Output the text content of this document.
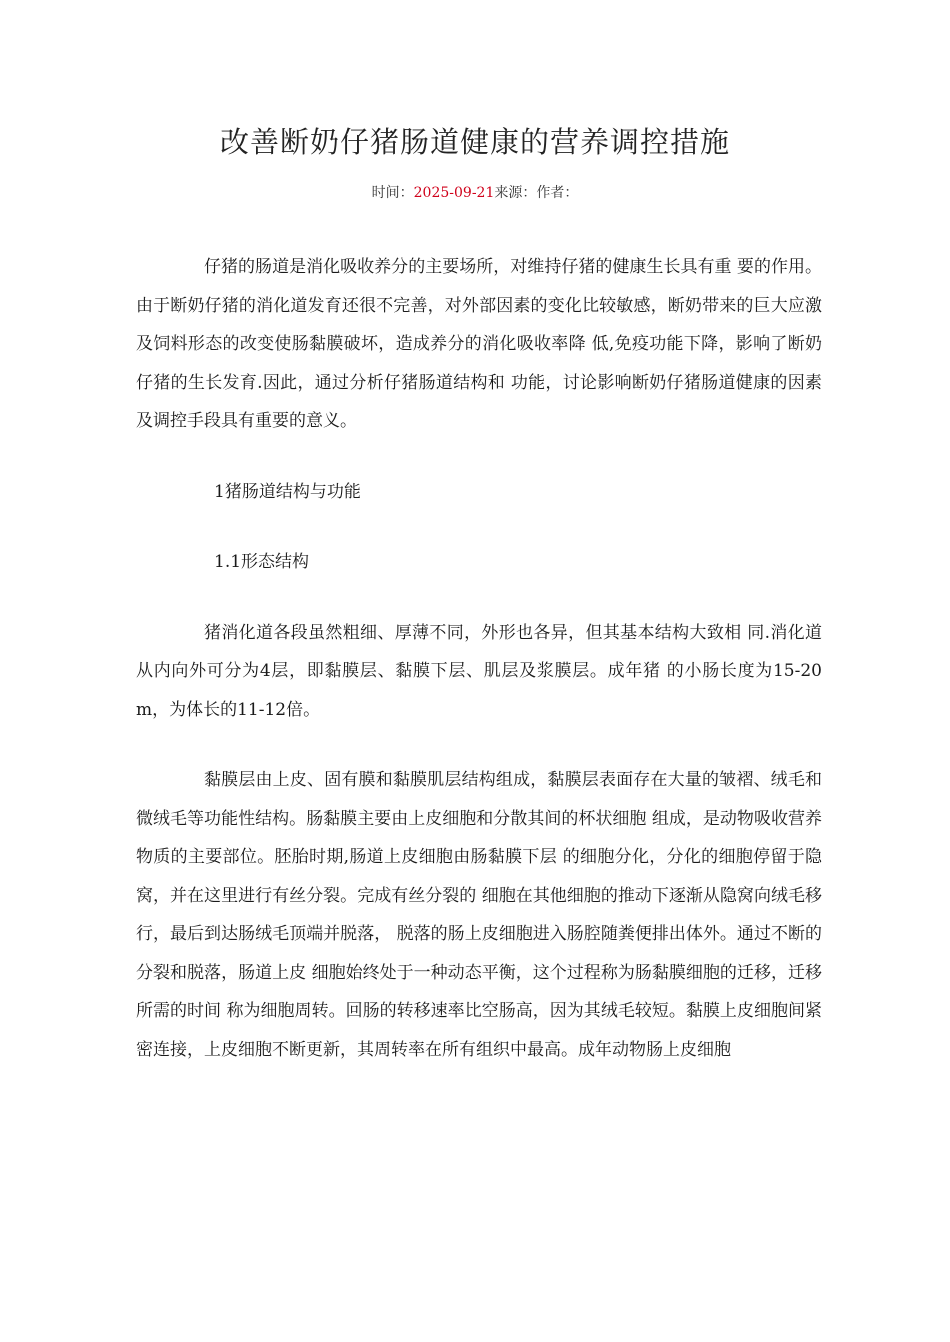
改善断奶仔猪肠道健康的营养调控措施
时间：2025-09-21来源：作者：

仔猪的肠道是消化吸收养分的主要场所，对维持仔猪的健康生长具有重 要的作用。由于断奶仔猪的消化道发育还很不完善，对外部因素的变化比较敏感，断奶带来的巨大应激及饲料形态的改变使肠黏膜破坏，造成养分的消化吸收率降 低,免疫功能下降，影响了断奶仔猪的生长发育.因此，通过分析仔猪肠道结构和 功能，讨论影响断奶仔猪肠道健康的因素及调控手段具有重要的意义。

1猪肠道结构与功能

1.1形态结构

猪消化道各段虽然粗细、厚薄不同，外形也各异，但其基本结构大致相 同.消化道从内向外可分为4层，即黏膜层、黏膜下层、肌层及浆膜层。成年猪 的小肠长度为15-20m，为体长的11-12倍。

黏膜层由上皮、固有膜和黏膜肌层结构组成，黏膜层表面存在大量的皱褶、绒毛和微绒毛等功能性结构。肠黏膜主要由上皮细胞和分散其间的杯状细胞 组成，是动物吸收营养物质的主要部位。胚胎时期,肠道上皮细胞由肠黏膜下层 的细胞分化，分化的细胞停留于隐窝，并在这里进行有丝分裂。完成有丝分裂的 细胞在其他细胞的推动下逐渐从隐窝向绒毛移行，最后到达肠绒毛顶端并脱落， 脱落的肠上皮细胞进入肠腔随粪便排出体外。通过不断的分裂和脱落，肠道上皮 细胞始终处于一种动态平衡，这个过程称为肠黏膜细胞的迁移，迁移所需的时间 称为细胞周转。回肠的转移速率比空肠高，因为其绒毛较短。黏膜上皮细胞间紧 密连接，上皮细胞不断更新，其周转率在所有组织中最高。成年动物肠上皮细胞
